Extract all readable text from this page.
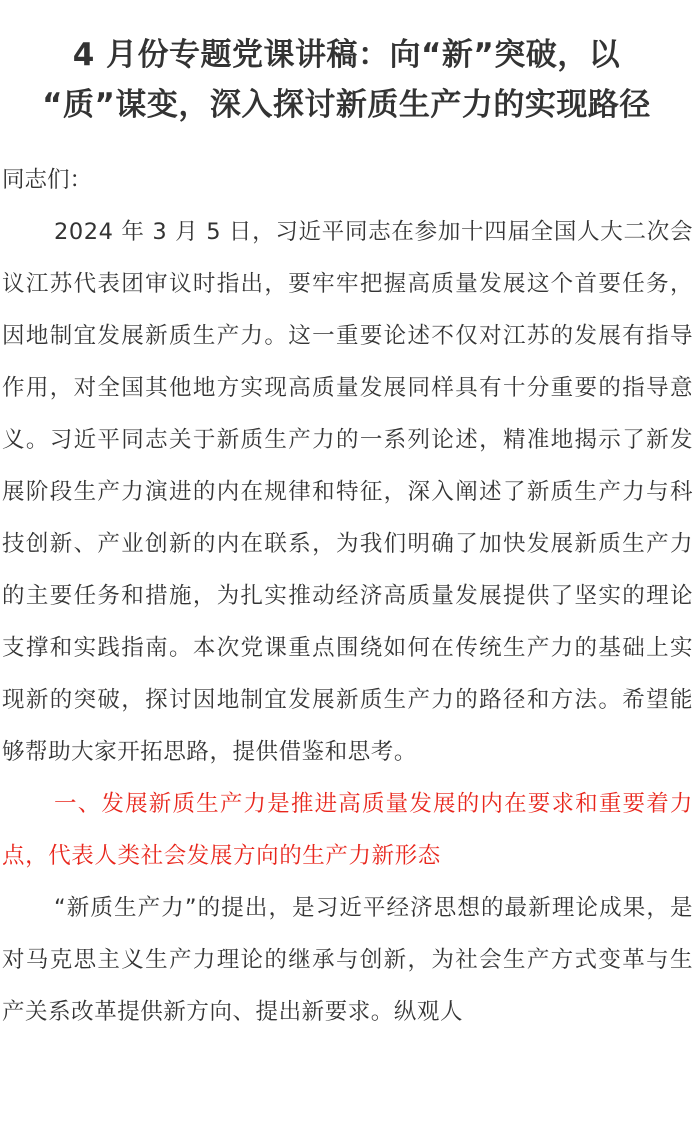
4 月份专题党课讲稿：向“新”突破，以
“质”谋变，深入探讨新质生产力的实现路径

同志们：

2024 年 3 月 5 日，习近平同志在参加十四届全国人大二次会议江苏代表团审议时指出，要牢牢把握高质量发展这个首要任务，因地制宜发展新质生产力。这一重要论述不仅对江苏的发展有指导作用，对全国其他地方实现高质量发展同样具有十分重要的指导意义。习近平同志关于新质生产力的一系列论述，精准地揭示了新发展阶段生产力演进的内在规律和特征，深入阐述了新质生产力与科技创新、产业创新的内在联系，为我们明确了加快发展新质生产力的主要任务和措施，为扎实推动经济高质量发展提供了坚实的理论支撑和实践指南。本次党课重点围绕如何在传统生产力的基础上实现新的突破，探讨因地制宜发展新质生产力的路径和方法。希望能够帮助大家开拓思路，提供借鉴和思考。

一、发展新质生产力是推进高质量发展的内在要求和重要着力点，代表人类社会发展方向的生产力新形态

“新质生产力”的提出，是习近平经济思想的最新理论成果，是对马克思主义生产力理论的继承与创新，为社会生产方式变革与生产关系改革提供新方向、提出新要求。纵观人
